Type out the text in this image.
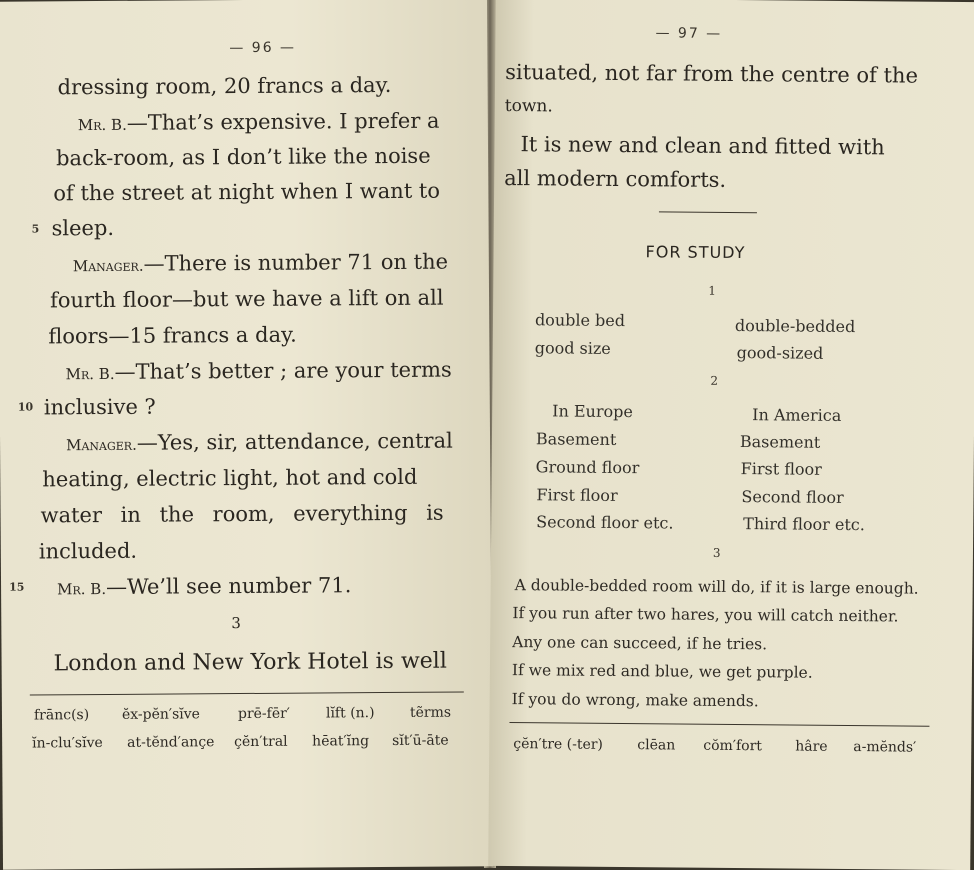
— 96 —
dressing room, 20 francs a day.
Mr. B.—That’s expensive. I prefer a
back-room, as I don’t like the noise
of the street at night when I want to
5 sleep.
Manager.—There is number 71 on the
fourth floor—but we have a lift on all
floors—15 francs a day.
Mr. B.—That’s better ; are your terms
10 inclusive ?
Manager.—Yes, sir, attendance, central
heating, electric light, hot and cold
water in the room, everything is
included.
15 Mr. B.—We’ll see number 71.
3
London and New York Hotel is well
frānc(s) ĕx-pĕn′sĭve	prē-fēr′	lĭft (n.)	tẽrms
ĭn-clu′sĭve at-tĕnd′ançe çĕn′tral hēat′ĭng sĭt′ū-āte
— 97 —
situated, not far from the centre of the
town.
It is new and clean and fitted with
all modern comforts.
FOR STUDY
1
double bed	double-bedded
good size	good-sized
2
In Europe	In America
Basement	Basement
Ground floor	First floor
First floor	Second floor
Second floor etc.	Third floor etc.
3
A double-bedded room will do, if it is large enough.
If you run after two hares, you will catch neither.
Any one can succeed, if he tries.
If we mix red and blue, we get purple.
If you do wrong, make amends.
çĕn′tre (-ter) clēan cŏm′fort hâre a-mĕnds′
